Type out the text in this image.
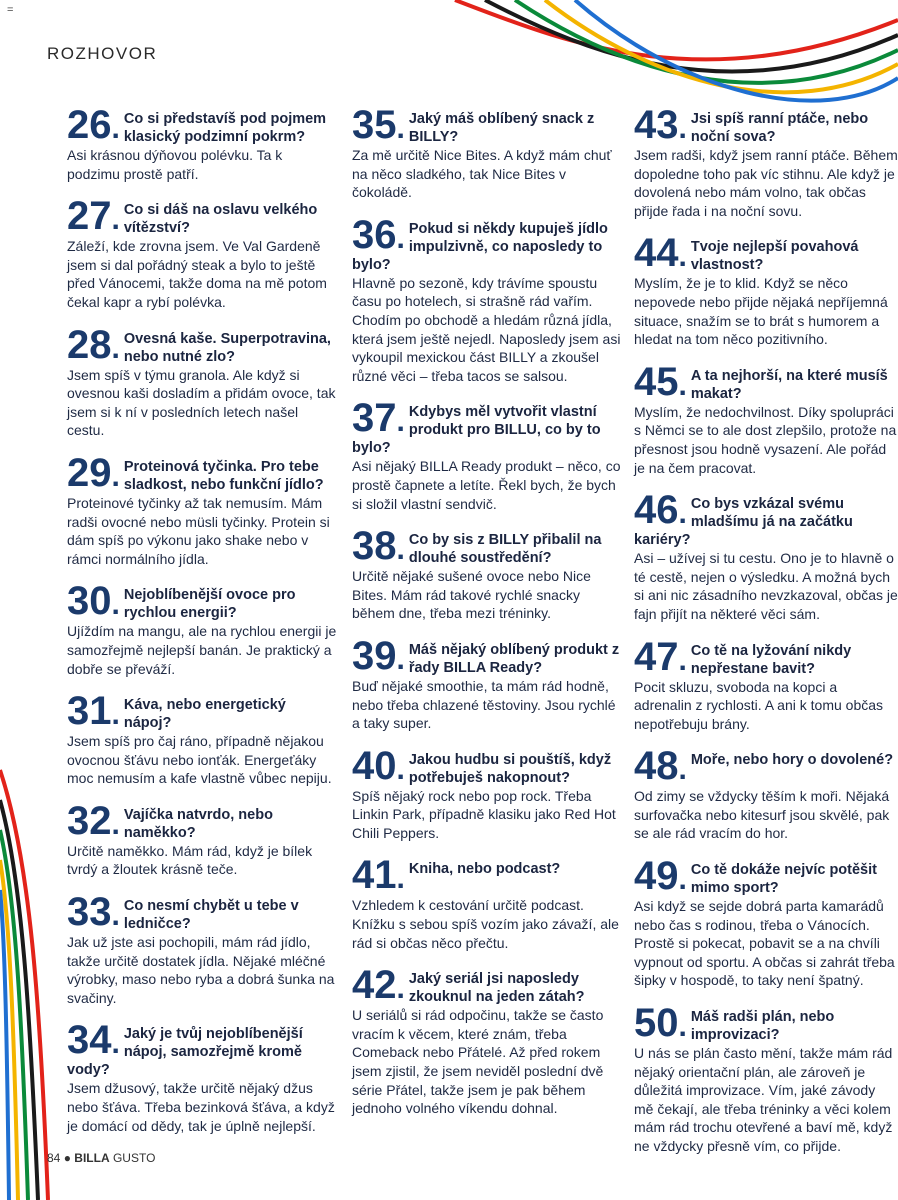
=
ROZHOVOR
26. Co si představíš pod pojmem klasický podzimní pokrm?
Asi krásnou dýňovou polévku. Ta k podzimu prostě patří.
27. Co si dáš na oslavu velkého vítězství?
Záleží, kde zrovna jsem. Ve Val Gardeně jsem si dal pořádný steak a bylo to ještě před Vánocemi, takže doma na mě potom čekal kapr a rybí polévka.
28. Ovesná kaše. Superpotravina, nebo nutné zlo?
Jsem spíš v týmu granola. Ale když si ovesnou kaši dosladím a přidám ovoce, tak jsem si k ní v posledních letech našel cestu.
29. Proteinová tyčinka. Pro tebe sladkost, nebo funkční jídlo?
Proteinové tyčinky až tak nemusím. Mám radši ovocné nebo müsli tyčinky. Protein si dám spíš po výkonu jako shake nebo v rámci normálního jídla.
30. Nejoblíbenější ovoce pro rychlou energii?
Ujíždím na mangu, ale na rychlou energii je samozřejmě nejlepší banán. Je praktický a dobře se převáží.
31. Káva, nebo energetický nápoj?
Jsem spíš pro čaj ráno, případně nějakou ovocnou šťávu nebo ionťák. Energeťáky moc nemusím a kafe vlastně vůbec nepiju.
32. Vajíčka natvrdo, nebo naměkko?
Určitě naměkko. Mám rád, když je bílek tvrdý a žloutek krásně teče.
33. Co nesmí chybět u tebe v ledničce?
Jak už jste asi pochopili, mám rád jídlo, takže určitě dostatek jídla. Nějaké mléčné výrobky, maso nebo ryba a dobrá šunka na svačiny.
34. Jaký je tvůj nejoblíbenější nápoj, samozřejmě kromě vody?
Jsem džusový, takže určitě nějaký džus nebo šťáva. Třeba bezinková šťáva, a když je domácí od dědy, tak je úplně nejlepší.
35. Jaký máš oblíbený snack z BILLY?
Za mě určitě Nice Bites. A když mám chuť na něco sladkého, tak Nice Bites v čokoládě.
36. Pokud si někdy kupuješ jídlo impulzivně, co naposledy to bylo?
Hlavně po sezoně, kdy trávíme spoustu času po hotelech, si strašně rád vařím. Chodím po obchodě a hledám různá jídla, která jsem ještě nejedl. Naposledy jsem asi vykoupil mexickou část BILLY a zkoušel různé věci – třeba tacos se salsou.
37. Kdybys měl vytvořit vlastní produkt pro BILLU, co by to bylo?
Asi nějaký BILLA Ready produkt – něco, co prostě čapnete a letíte. Řekl bych, že bych si složil vlastní sendvič.
38. Co by sis z BILLY přibalil na dlouhé soustředění?
Určitě nějaké sušené ovoce nebo Nice Bites. Mám rád takové rychlé snacky během dne, třeba mezi tréninky.
39. Máš nějaký oblíbený produkt z řady BILLA Ready?
Buď nějaké smoothie, ta mám rád hodně, nebo třeba chlazené těstoviny. Jsou rychlé a taky super.
40. Jakou hudbu si pouštíš, když potřebuješ nakopnout?
Spíš nějaký rock nebo pop rock. Třeba Linkin Park, případně klasiku jako Red Hot Chili Peppers.
41. Kniha, nebo podcast?
Vzhledem k cestování určitě podcast. Knížku s sebou spíš vozím jako závaží, ale rád si občas něco přečtu.
42. Jaký seriál jsi naposledy zkouknul na jeden zátah?
U seriálů si rád odpočinu, takže se často vracím k věcem, které znám, třeba Comeback nebo Přátelé. Až před rokem jsem zjistil, že jsem neviděl poslední dvě série Přátel, takže jsem je pak během jednoho volného víkendu dohnal.
43. Jsi spíš ranní ptáče, nebo noční sova?
Jsem radši, když jsem ranní ptáče. Během dopoledne toho pak víc stihnu. Ale když je dovolená nebo mám volno, tak občas přijde řada i na noční sovu.
44. Tvoje nejlepší povahová vlastnost?
Myslím, že je to klid. Když se něco nepovede nebo přijde nějaká nepříjemná situace, snažím se to brát s humorem a hledat na tom něco pozitivního.
45. A ta nejhorší, na které musíš makat?
Myslím, že nedochvilnost. Díky spolupráci s Němci se to ale dost zlepšilo, protože na přesnost jsou hodně vysazení. Ale pořád je na čem pracovat.
46. Co bys vzkázal svému mladšímu já na začátku kariéry?
Asi – užívej si tu cestu. Ono je to hlavně o té cestě, nejen o výsledku. A možná bych si ani nic zásadního nevzkazoval, občas je fajn přijít na některé věci sám.
47. Co tě na lyžování nikdy nepřestane bavit?
Pocit skluzu, svoboda na kopci a adrenalin z rychlosti. A ani k tomu občas nepotřebuju brány.
48. Moře, nebo hory o dovolené?
Od zimy se vždycky těším k moři. Nějaká surfovačka nebo kitesurf jsou skvělé, pak se ale rád vracím do hor.
49. Co tě dokáže nejvíc potěšit mimo sport?
Asi když se sejde dobrá parta kamarádů nebo čas s rodinou, třeba o Vánocích. Prostě si pokecat, pobavit se a na chvíli vypnout od sportu. A občas si zahrát třeba šipky v hospodě, to taky není špatný.
50. Máš radši plán, nebo improvizaci?
U nás se plán často mění, takže mám rád nějaký orientační plán, ale zároveň je důležitá improvizace. Vím, jaké závody mě čekají, ale třeba tréninky a věci kolem mám rád trochu otevřené a baví mě, když ne vždycky přesně vím, co přijde.
84 ● BILLA GUSTO
